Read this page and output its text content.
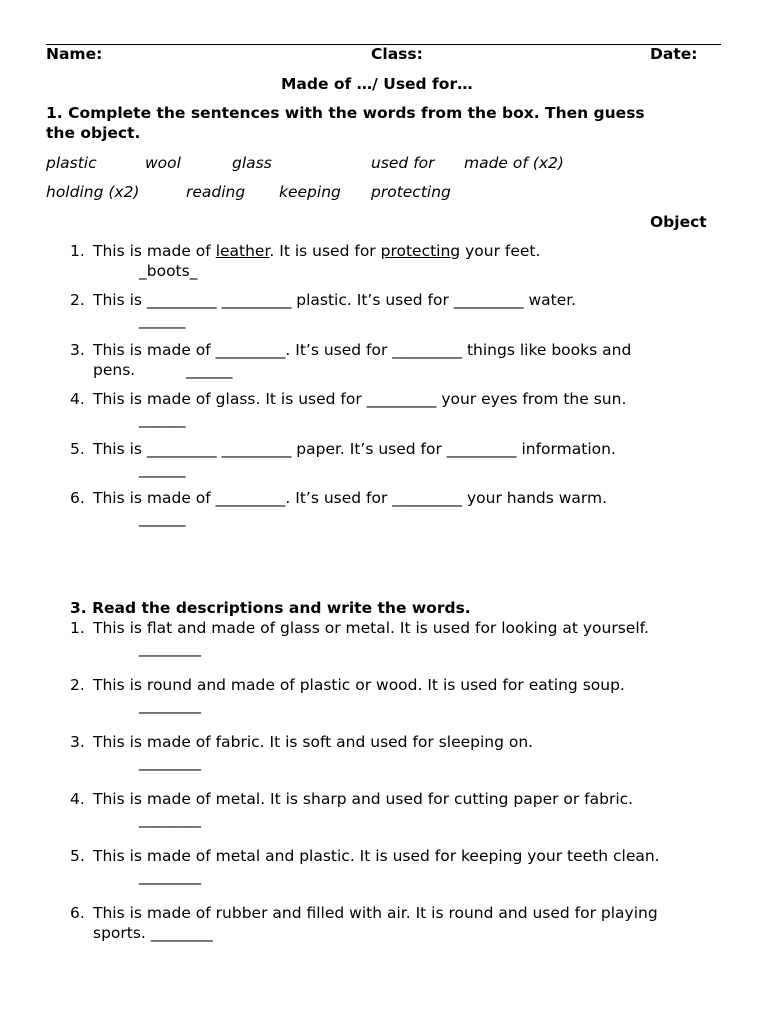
Name:	Class:	Date:
Made of …/ Used for…
1. Complete the sentences with the words from the box. Then guess
the object.
plastic	wool	glass	used for made of (x2)
holding (x2)	reading keeping protecting
Object
1. This is made of leather. It is used for protecting your feet.
_boots_
2. This is _________ _________ plastic. It’s used for _________ water.
______
3. This is made of _________. It’s used for _________ things like books and
pens.	______
4. This is made of glass. It is used for _________ your eyes from the sun.
______
5. This is _________ _________ paper. It’s used for _________ information.
______
6. This is made of _________. It’s used for _________ your hands warm.
______
3. Read the descriptions and write the words.
1. This is flat and made of glass or metal. It is used for looking at yourself.
________
2. This is round and made of plastic or wood. It is used for eating soup.
________
3. This is made of fabric. It is soft and used for sleeping on.
________
4. This is made of metal. It is sharp and used for cutting paper or fabric.
________
5. This is made of metal and plastic. It is used for keeping your teeth clean.
________
6. This is made of rubber and filled with air. It is round and used for playing
sports. ________
